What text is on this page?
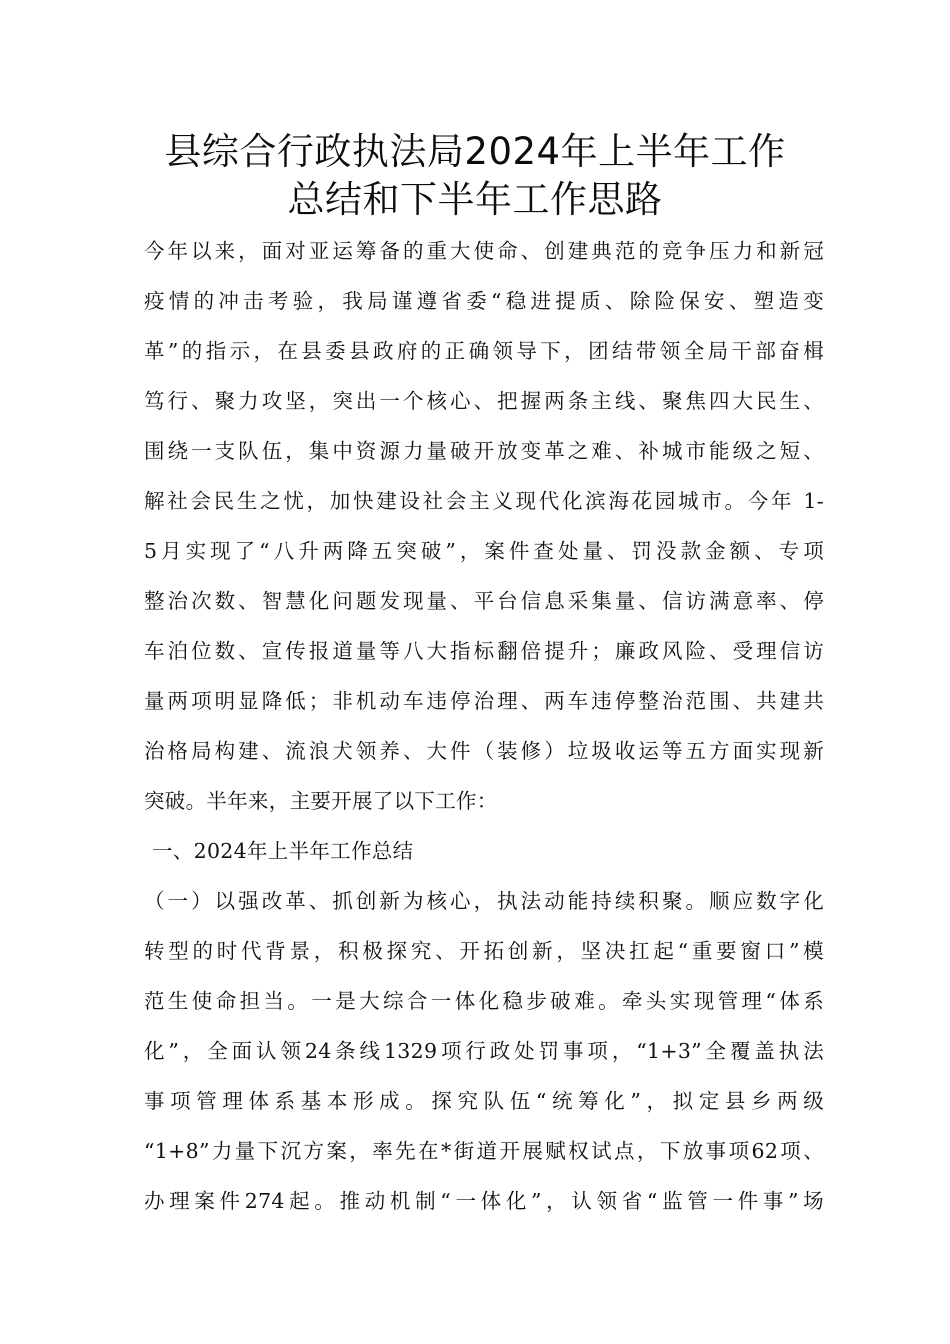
县综合行政执法局2024年上半年工作
总结和下半年工作思路
今年以来，面对亚运筹备的重大使命、创建典范的竞争压力和新冠
疫情的冲击考验，我局谨遵省委“稳进提质、除险保安、塑造变
革”的指示，在县委县政府的正确领导下，团结带领全局干部奋楫
笃行、聚力攻坚，突出一个核心、把握两条主线、聚焦四大民生、
围绕一支队伍，集中资源力量破开放变革之难、补城市能级之短、
解社会民生之忧，加快建设社会主义现代化滨海花园城市。今年 1-
5月实现了“八升两降五突破”，案件查处量、罚没款金额、专项
整治次数、智慧化问题发现量、平台信息采集量、信访满意率、停
车泊位数、宣传报道量等八大指标翻倍提升；廉政风险、受理信访
量两项明显降低；非机动车违停治理、两车违停整治范围、共建共
治格局构建、流浪犬领养、大件（装修）垃圾收运等五方面实现新
突破。半年来，主要开展了以下工作：
一、2024年上半年工作总结
（一）以强改革、抓创新为核心，执法动能持续积聚。顺应数字化
转型的时代背景，积极探究、开拓创新，坚决扛起“重要窗口”模
范生使命担当。一是大综合一体化稳步破难。牵头实现管理“体系
化”，全面认领24条线1329项行政处罚事项，“1+3”全覆盖执法
事项管理体系基本形成。探究队伍“统筹化”，拟定县乡两级
“1+8”力量下沉方案，率先在*街道开展赋权试点，下放事项62项、
办理案件274起。推动机制“一体化”，认领省“监管一件事”场
